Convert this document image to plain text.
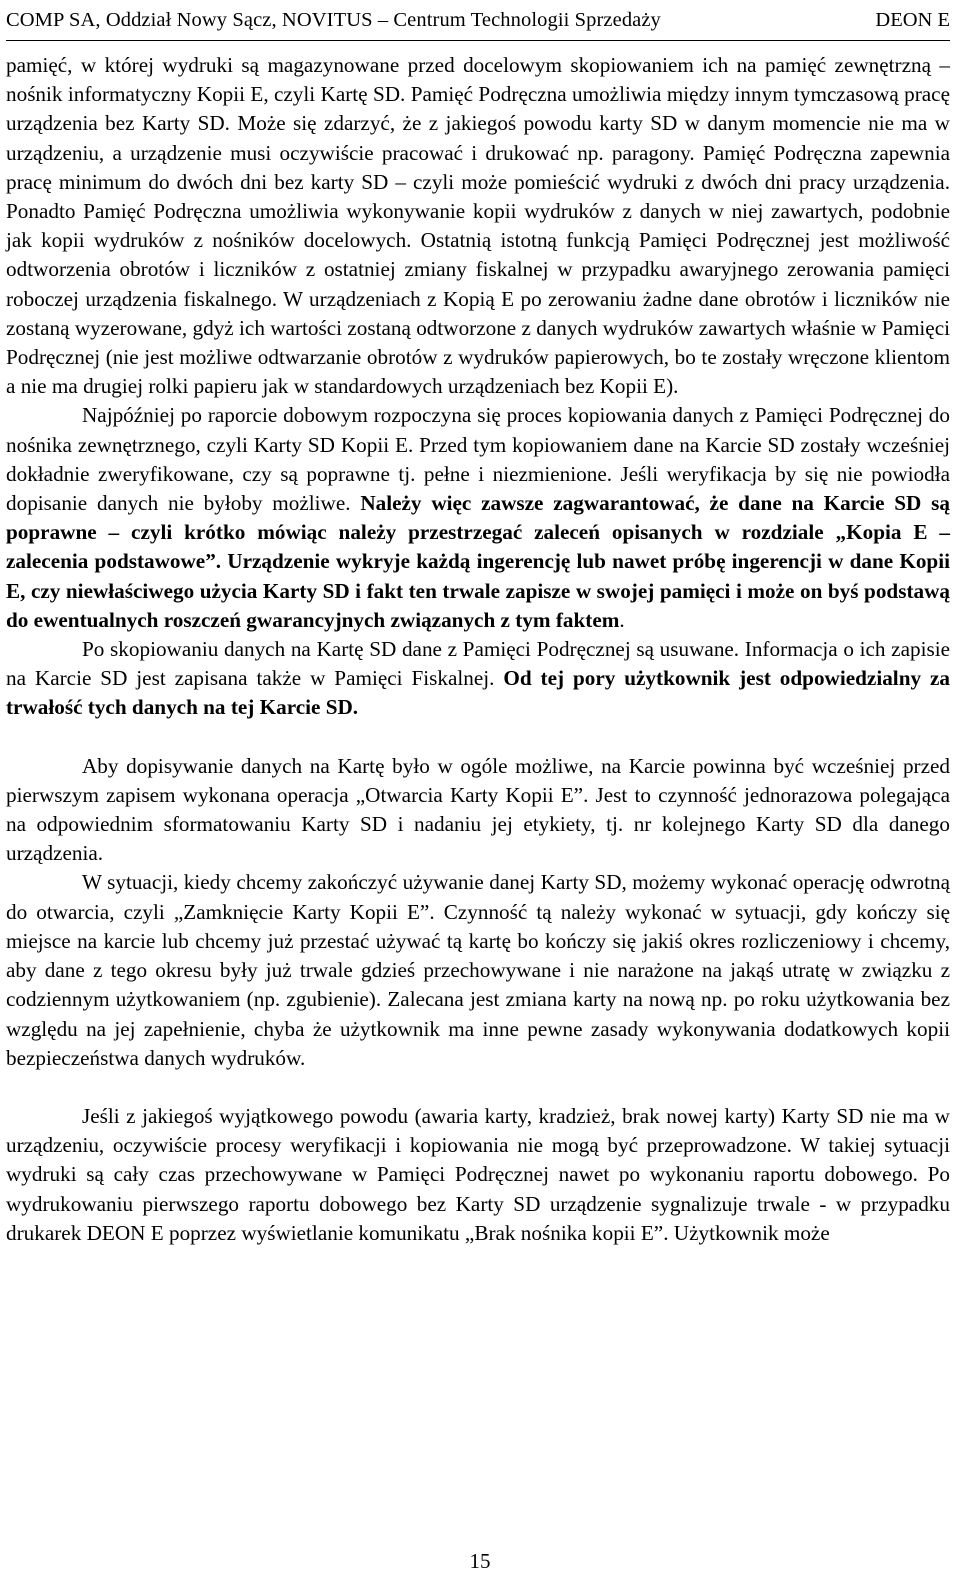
COMP SA, Oddział Nowy Sącz, NOVITUS – Centrum Technologii Sprzedaży	DEON E

pamięć, w której wydruki są magazynowane przed docelowym skopiowaniem ich na pamięć zewnętrzną – nośnik informatyczny Kopii E, czyli Kartę SD. Pamięć Podręczna umożliwia między innym tymczasową pracę urządzenia bez Karty SD. Może się zdarzyć, że z jakiegoś powodu karty SD w danym momencie nie ma w urządzeniu, a urządzenie musi oczywiście pracować i drukować np. paragony. Pamięć Podręczna zapewnia pracę minimum do dwóch dni bez karty SD – czyli może pomieścić wydruki z dwóch dni pracy urządzenia. Ponadto Pamięć Podręczna umożliwia wykonywanie kopii wydruków z danych w niej zawartych, podobnie jak kopii wydruków z nośników docelowych. Ostatnią istotną funkcją Pamięci Podręcznej jest możliwość odtworzenia obrotów i liczników z ostatniej zmiany fiskalnej w przypadku awaryjnego zerowania pamięci roboczej urządzenia fiskalnego. W urządzeniach z Kopią E po zerowaniu żadne dane obrotów i liczników nie zostaną wyzerowane, gdyż ich wartości zostaną odtworzone z danych wydruków zawartych właśnie w Pamięci Podręcznej (nie jest możliwe odtwarzanie obrotów z wydruków papierowych, bo te zostały wręczone klientom a nie ma drugiej rolki papieru jak w standardowych urządzeniach bez Kopii E).

Najpóźniej po raporcie dobowym rozpoczyna się proces kopiowania danych z Pamięci Podręcznej do nośnika zewnętrznego, czyli Karty SD Kopii E. Przed tym kopiowaniem dane na Karcie SD zostały wcześniej dokładnie zweryfikowane, czy są poprawne tj. pełne i niezmienione. Jeśli weryfikacja by się nie powiodła dopisanie danych nie byłoby możliwe. Należy więc zawsze zagwarantować, że dane na Karcie SD są poprawne – czyli krótko mówiąc należy przestrzegać zaleceń opisanych w rozdziale „Kopia E – zalecenia podstawowe”. Urządzenie wykryje każdą ingerencję lub nawet próbę ingerencji w dane Kopii E, czy niewłaściwego użycia Karty SD i fakt ten trwale zapisze w swojej pamięci i może on byś podstawą do ewentualnych roszczeń gwarancyjnych związanych z tym faktem.

Po skopiowaniu danych na Kartę SD dane z Pamięci Podręcznej są usuwane. Informacja o ich zapisie na Karcie SD jest zapisana także w Pamięci Fiskalnej. Od tej pory użytkownik jest odpowiedzialny za trwałość tych danych na tej Karcie SD.

Aby dopisywanie danych na Kartę było w ogóle możliwe, na Karcie powinna być wcześniej przed pierwszym zapisem wykonana operacja „Otwarcia Karty Kopii E”. Jest to czynność jednorazowa polegająca na odpowiednim sformatowaniu Karty SD i nadaniu jej etykiety, tj. nr kolejnego Karty SD dla danego urządzenia.

W sytuacji, kiedy chcemy zakończyć używanie danej Karty SD, możemy wykonać operację odwrotną do otwarcia, czyli „Zamknięcie Karty Kopii E”. Czynność tą należy wykonać w sytuacji, gdy kończy się miejsce na karcie lub chcemy już przestać używać tą kartę bo kończy się jakiś okres rozliczeniowy i chcemy, aby dane z tego okresu były już trwale gdzieś przechowywane i nie narażone na jakąś utratę w związku z codziennym użytkowaniem (np. zgubienie). Zalecana jest zmiana karty na nową np. po roku użytkowania bez względu na jej zapełnienie, chyba że użytkownik ma inne pewne zasady wykonywania dodatkowych kopii bezpieczeństwa danych wydruków.

Jeśli z jakiegoś wyjątkowego powodu (awaria karty, kradzież, brak nowej karty) Karty SD nie ma w urządzeniu, oczywiście procesy weryfikacji i kopiowania nie mogą być przeprowadzone. W takiej sytuacji wydruki są cały czas przechowywane w Pamięci Podręcznej nawet po wykonaniu raportu dobowego. Po wydrukowaniu pierwszego raportu dobowego bez Karty SD urządzenie sygnalizuje trwale - w przypadku drukarek DEON E poprzez wyświetlanie komunikatu „Brak nośnika kopii E”. Użytkownik może

15
